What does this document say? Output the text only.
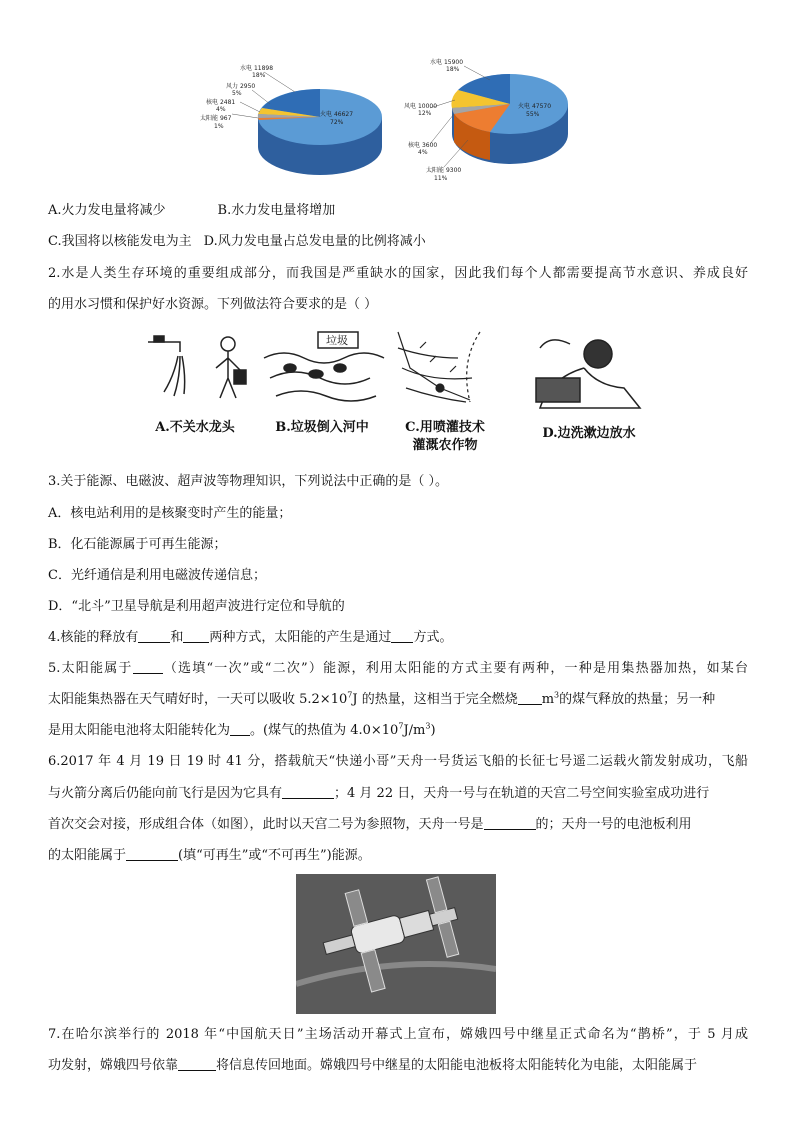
水电 11898
18%
风力 2950
5%
核电 2481
4%
太阳能 967
1%
火电 46627
72%
水电 15900
18%
风电 10000
12%
核电 3600
4%
太阳能 9300
11%
火电 47570
55%
A.火力发电量将减少	B.水力发电量将增加
C.我国将以核能发电为主 D.风力发电量占总发电量的比例将减小
2.水是人类生存环境的重要组成部分，而我国是严重缺水的国家，因此我们每个人都需要提高节水意识、养成良好
的用水习惯和保护好水资源。下列做法符合要求的是（ ）
垃圾
A.不关水龙头	B.垃圾倒入河中	C.用喷灌技术
灌溉农作物
D.边洗漱边放水
3.关于能源、电磁波、超声波等物理知识，下列说法中正确的是（ ）。
A．核电站利用的是核聚变时产生的能量；
B．化石能源属于可再生能源；
C．光纤通信是利用电磁波传递信息；
D．“北斗”卫星导航是利用超声波进行定位和导航的
4.核能的释放有 和 两种方式，太阳能的产生是通过 方式。
5.太阳能属于 （选填“一次”或“二次”）能源，利用太阳能的方式主要有两种，一种是用集热器加热，如某台
太阳能集热器在天气晴好时，一天可以吸收 $5.2\times 10^7J$ 的热量，这相当于完全燃烧 $m^3$的煤气释放的热量；另一种
是用太阳能电池将太阳能转化为 。(煤气的热值为 $4.0\times 10^7J/m^3$)
6.2017 年 4 月 19 日 19 时 41 分，搭载航天“快递小哥”天舟一号货运飞船的长征七号遥二运载火箭发射成功，飞船
与火箭分离后仍能向前飞行是因为它具有	；4 月 22 日，天舟一号与在轨道的天宫二号空间实验室成功进行
首次交会对接，形成组合体（如图），此时以天宫二号为参照物，天舟一号是	的；天舟一号的电池板利用
的太阳能属于	(填“可再生”或“不可再生”)能源。
7.在哈尔滨举行的 2018 年“中国航天日”主场活动开幕式上宣布，嫦娥四号中继星正式命名为“鹊桥”，于 5 月成
功发射，嫦娥四号依靠	将信息传回地面。嫦娥四号中继星的太阳能电池板将太阳能转化为电能，太阳能属于
